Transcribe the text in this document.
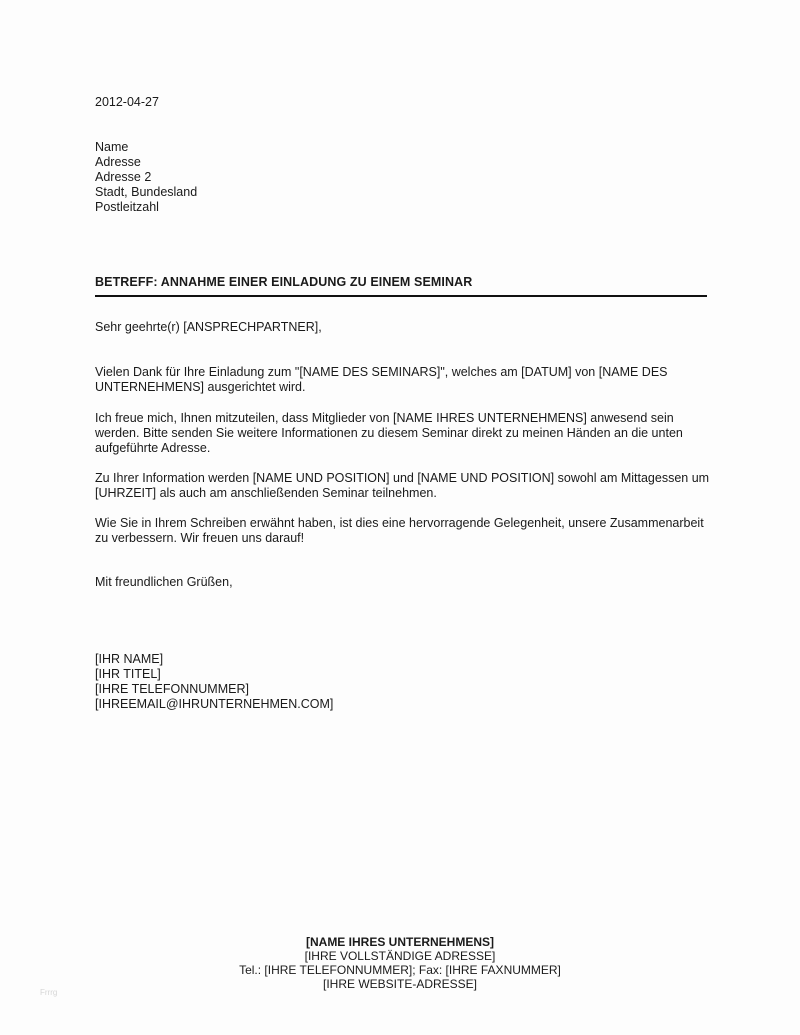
2012-04-27
Name
Adresse
Adresse 2
Stadt, Bundesland
Postleitzahl
BETREFF: ANNAHME EINER EINLADUNG ZU EINEM SEMINAR
Sehr geehrte(r) [ANSPRECHPARTNER],
Vielen Dank für Ihre Einladung zum "[NAME DES SEMINARS]", welches am [DATUM] von [NAME DES UNTERNEHMENS] ausgerichtet wird.
Ich freue mich, Ihnen mitzuteilen, dass Mitglieder von [NAME IHRES UNTERNEHMENS] anwesend sein werden. Bitte senden Sie weitere Informationen zu diesem Seminar direkt zu meinen Händen an die unten aufgeführte Adresse.
Zu Ihrer Information werden [NAME UND POSITION] und [NAME UND POSITION] sowohl am Mittagessen um [UHRZEIT] als auch am anschließenden Seminar teilnehmen.
Wie Sie in Ihrem Schreiben erwähnt haben, ist dies eine hervorragende Gelegenheit, unsere Zusammenarbeit zu verbessern. Wir freuen uns darauf!
Mit freundlichen Grüßen,
[IHR NAME]
[IHR TITEL]
[IHRE TELEFONNUMMER]
[IHREEMAIL@IHRUNTERNEHMEN.COM]
[NAME IHRES UNTERNEHMENS]
[IHRE VOLLSTÄNDIGE ADRESSE]
Tel.: [IHRE TELEFONNUMMER]; Fax: [IHRE FAXNUMMER]
[IHRE WEBSITE-ADRESSE]
Frrrg
